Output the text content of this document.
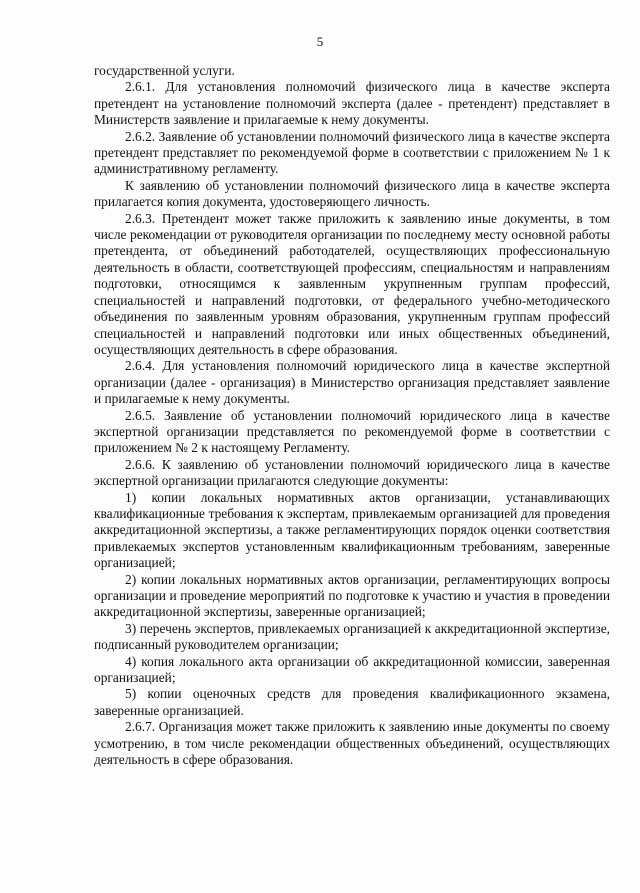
5

государственной услуги.

2.6.1. Для установления полномочий физического лица в качестве эксперта претендент на установление полномочий эксперта (далее - претендент) представляет в Министерств заявление и прилагаемые к нему документы.

2.6.2. Заявление об установлении полномочий физического лица в качестве эксперта претендент представляет по рекомендуемой форме в соответствии с приложением № 1 к административному регламенту.

К заявлению об установлении полномочий физического лица в качестве эксперта прилагается копия документа, удостоверяющего личность.

2.6.3. Претендент может также приложить к заявлению иные документы, в том числе рекомендации от руководителя организации по последнему месту основной работы претендента, от объединений работодателей, осуществляющих профессиональную деятельность в области, соответствующей профессиям, специальностям и направлениям подготовки, относящимся к заявленным укрупненным группам профессий, специальностей и направлений подготовки, от федерального учебно-методического объединения по заявленным уровням образования, укрупненным группам профессий специальностей и направлений подготовки или иных общественных объединений, осуществляющих деятельность в сфере образования.

2.6.4. Для установления полномочий юридического лица в качестве экспертной организации (далее - организация) в Министерство организация представляет заявление и прилагаемые к нему документы.

2.6.5. Заявление об установлении полномочий юридического лица в качестве экспертной организации представляется по рекомендуемой форме в соответствии с приложением № 2 к настоящему Регламенту.

2.6.6. К заявлению об установлении полномочий юридического лица в качестве экспертной организации прилагаются следующие документы:

1) копии локальных нормативных актов организации, устанавливающих квалификационные требования к экспертам, привлекаемым организацией для проведения аккредитационной экспертизы, а также регламентирующих порядок оценки соответствия привлекаемых экспертов установленным квалификационным требованиям, заверенные организацией;

2) копии локальных нормативных актов организации, регламентирующих вопросы организации и проведение мероприятий по подготовке к участию и участия в проведении аккредитационной экспертизы, заверенные организацией;

3) перечень экспертов, привлекаемых организацией к аккредитационной экспертизе, подписанный руководителем организации;

4) копия локального акта организации об аккредитационной комиссии, заверенная организацией;

5) копии оценочных средств для проведения квалификационного экзамена, заверенные организацией.

2.6.7. Организация может также приложить к заявлению иные документы по своему усмотрению, в том числе рекомендации общественных объединений, осуществляющих деятельность в сфере образования.
